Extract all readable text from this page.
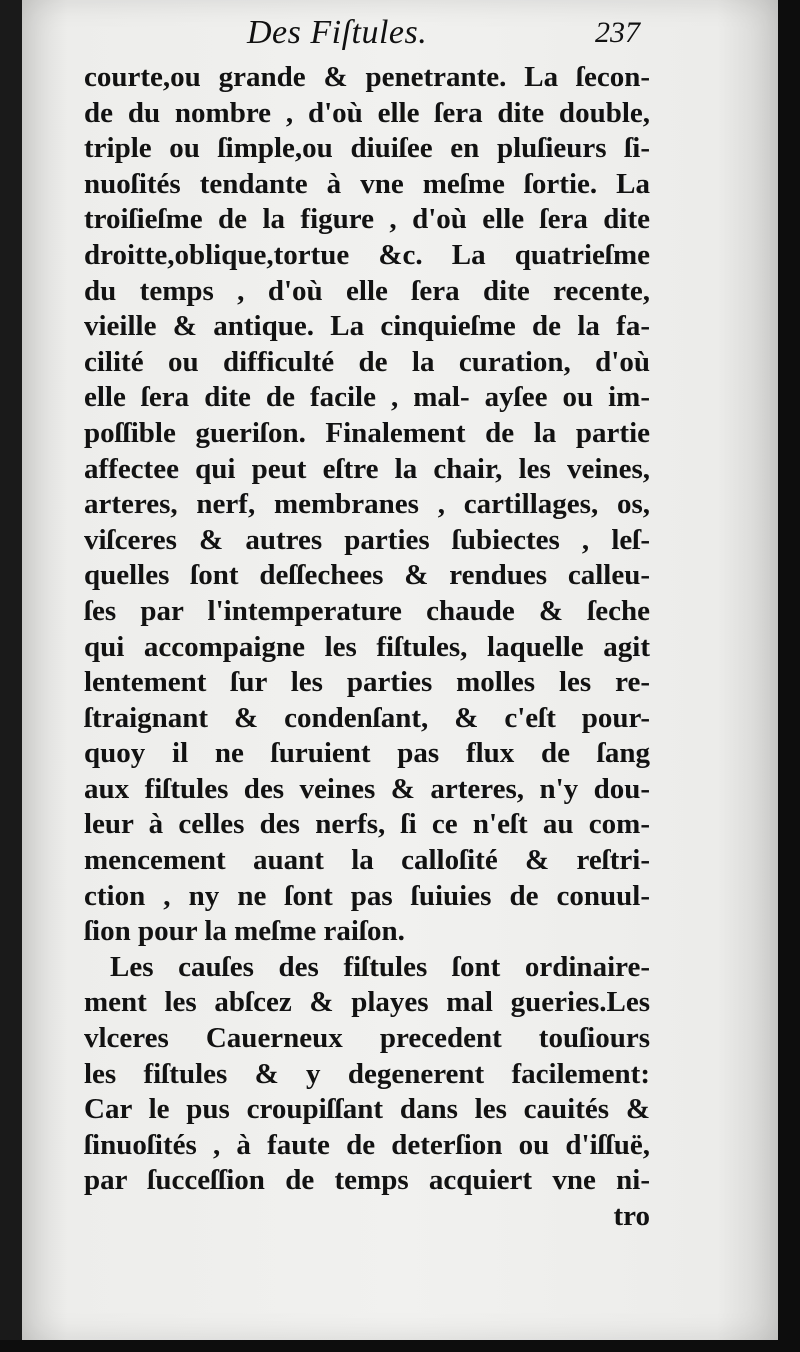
Des Fiſtules.	237
courte,ou grande & penetrante. La ſecon-
de du nombre , d'où elle ſera dite double,
triple ou ſimple,ou diuiſee en pluſieurs ſi-
nuoſités tendante à vne meſme ſortie. La
troiſieſme de la figure , d'où elle ſera dite
droitte,oblique,tortue &c. La quatrieſme
du temps , d'où elle ſera dite recente,
vieille & antique. La cinquieſme de la fa-
cilité ou difficulté de la curation, d'où
elle ſera dite de facile , mal- ayſee ou im-
poſſible gueriſon. Finalement de la partie
affectee qui peut eſtre la chair, les veines,
arteres, nerf, membranes , cartillages, os,
viſceres & autres parties ſubiectes , leſ-
quelles ſont deſſechees & rendues calleu-
ſes par l'intemperature chaude & ſeche
qui accompaigne les fiſtules, laquelle agit
lentement ſur les parties molles les re-
ſtraignant & condenſant, & c'eſt pour-
quoy il ne ſuruient pas flux de ſang
aux fiſtules des veines & arteres, n'y dou-
leur à celles des nerfs, ſi ce n'eſt au com-
mencement auant la calloſité & reſtri-
ction , ny ne ſont pas ſuiuies de conuul-
ſion pour la meſme raiſon.
Les cauſes des fiſtules ſont ordinaire-
ment les abſcez & playes mal gueries.Les
vlceres Cauerneux precedent touſiours
les fiſtules & y degenerent facilement:
Car le pus croupiſſant dans les cauités &
ſinuoſités , à faute de deterſion ou d'iſſuë,
par ſucceſſion de temps acquiert vne ni-
tro
